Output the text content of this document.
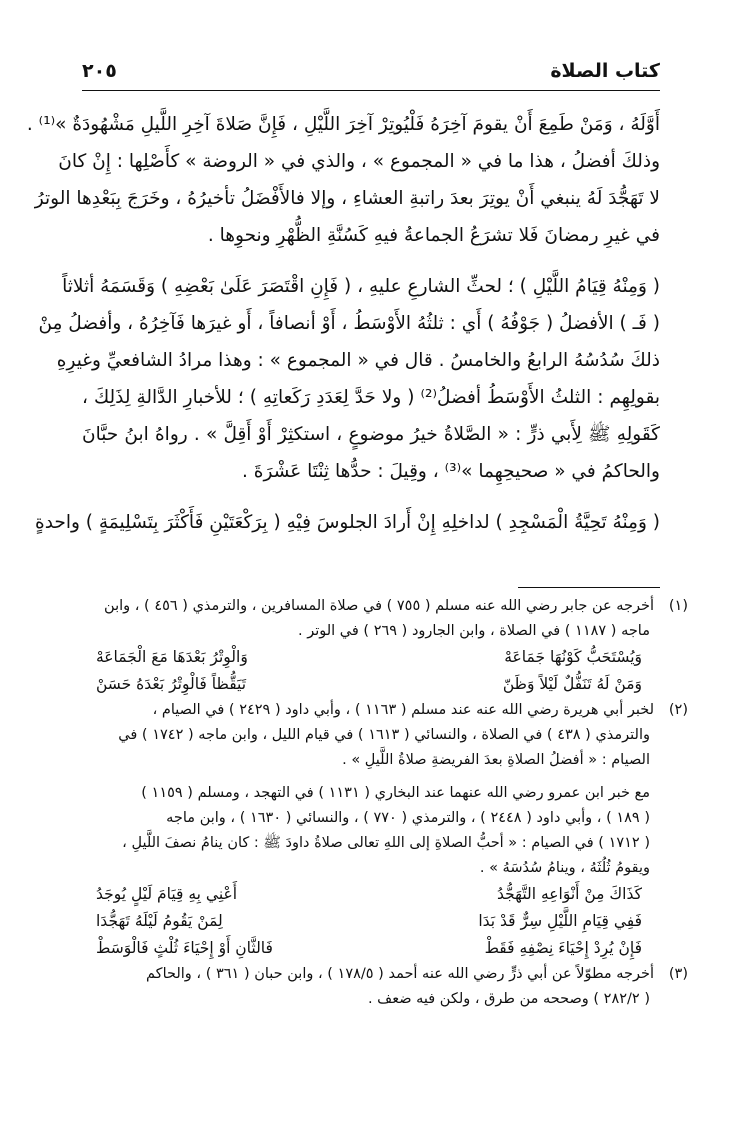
كتاب الصلاة
٢٠٥
أَوَّلَهُ ، وَمَنْ طَمِعَ أَنْ يقومَ آخِرَهُ فَلْيُوتِرْ آخِرَ اللَّيْلِ ، فَإِنَّ صَلاةَ آخِرِ اللَّيلِ مَشْهُودَةٌ »⁽¹⁾ .
وذلكَ أفضلُ ، هذا ما في « المجموع » ، والذي في « الروضة » كأَصْلِها : إِنْ كانَ
لا تَهَجُّدَ لَهُ ينبغي أَنْ يوتِرَ بعدَ راتبةِ العشاءِ ، وإلا فالأَفْضَلُ تأخيرُهُ ، وخَرَجَ بِبَعْدِها الوترُ
في غيرِ رمضانَ فَلا تشرَعُ الجماعةُ فيهِ كَسُنَّةِ الظُّهْرِ ونحوِها .
( وَمِنْهُ قِيَامُ اللَّيْلِ ) ؛ لحثِّ الشارعِ عليهِ ، ( فَإِنِ اقْتَصَرَ عَلَىٰ بَعْضِهِ ) وَقَسَمَهُ أثلاثاً
( فَـ ) الأفضلُ ( جَوْفُهُ ) أَي : ثلثُهُ الأَوْسَطُ ، أَوْ أنصافاً ، أَو غيرَها فَآخِرُهُ ، وأفضلُ مِنْ
ذلكَ سُدُسُهُ الرابعُ والخامسُ . قال في « المجموع » : وهذا مرادُ الشافعيِّ وغيرِهِ
بقولِهِم : الثلثُ الأَوْسَطُ أفضلُ⁽²⁾ ( ولا حَدَّ لِعَدَدِ رَكَعاتِهِ ) ؛ للأخبارِ الدَّالةِ لِذَلِكَ ،
كَقَولِهِ ﷺ لِأَبي ذرٍّ : « الصَّلاةُ خيرُ موضوعٍ ، استكثِرْ أَوْ أَقِلَّ » . رواهُ ابنُ حبَّانَ
والحاكمُ في « صحيحِهِما »⁽³⁾ ، وقِيلَ : حدُّها ثِنْتَا عَشْرَةَ .
( وَمِنْهُ تَحِيَّةُ الْمَسْجِدِ ) لداخلِهِ إِنْ أَرادَ الجلوسَ فِيْهِ ( بِرَكْعَتَيْنِ فَأَكْثَرَ بِتَسْلِيمَةٍ ) واحدةٍ
(١)أخرجه عن جابر رضي الله عنه مسلم ( ٧٥٥ ) في صلاة المسافرين ، والترمذي ( ٤٥٦ ) ، وابن
ماجه ( ١١٨٧ ) في الصلاة ، وابن الجارود ( ٢٦٩ ) في الوتر .
وَيُسْتَحَبُّ كَوْنُهَا جَمَاعَهْ
وَالْوِتْرُ بَعْدَهَا مَعَ الْجَمَاعَهْ
وَمَنْ لَهُ تَنَفُّلٌ لَيْلاً وَظَنّ
تَيَقُّظاً فَالْوِتْرُ بَعْدَهُ حَسَنْ
(٢)لخبر أبي هريرة رضي الله عنه عند مسلم ( ١١٦٣ ) ، وأبي داود ( ٢٤٢٩ ) في الصيام ،
والترمذي ( ٤٣٨ ) في الصلاة ، والنسائي ( ١٦١٣ ) في قيام الليل ، وابن ماجه ( ١٧٤٢ ) في
الصيام : « أفضلُ الصلاةِ بعدَ الفريضةِ صلاةُ اللَّيلِ » .
مع خبر ابن عمرو رضي الله عنهما عند البخاري ( ١١٣١ ) في التهجد ، ومسلم ( ١١٥٩ )
( ١٨٩ ) ، وأبي داود ( ٢٤٤٨ ) ، والترمذي ( ٧٧٠ ) ، والنسائي ( ١٦٣٠ ) ، وابن ماجه
( ١٧١٢ ) في الصيام : « أحبُّ الصلاةِ إلى اللهِ تعالى صلاةُ داودَ ﷺ : كان ينامُ نصفَ اللَّيلِ ،
ويقومُ ثُلُثَهُ ، وينامُ سُدُسَهُ » .
كَذَاكَ مِنْ أَنْوَاعِهِ التَّهَجُّدُ
أَعْنِي بِهِ قِيَامَ لَيْلٍ يُوجَدُ
فَفِي قِيَامِ اللَّيْلِ سِرٌّ قَدْ بَدَا
لِمَنْ يَقُومُ لَيْلَهُ تَهَجُّدَا
فَإِنْ يُرِدْ إِحْيَاءَ نِصْفِهِ فَقَطْ
فَالثَّانِ أَوْ إِحْيَاءَ ثُلْثٍ فَالْوَسَطْ
(٣)أخرجه مطوّلاً عن أبي ذرٍّ رضي الله عنه أحمد ( ١٧٨/٥ ) ، وابن حبان ( ٣٦١ ) ، والحاكم
( ٢٨٢/٢ ) وصححه من طرق ، ولكن فيه ضعف .
